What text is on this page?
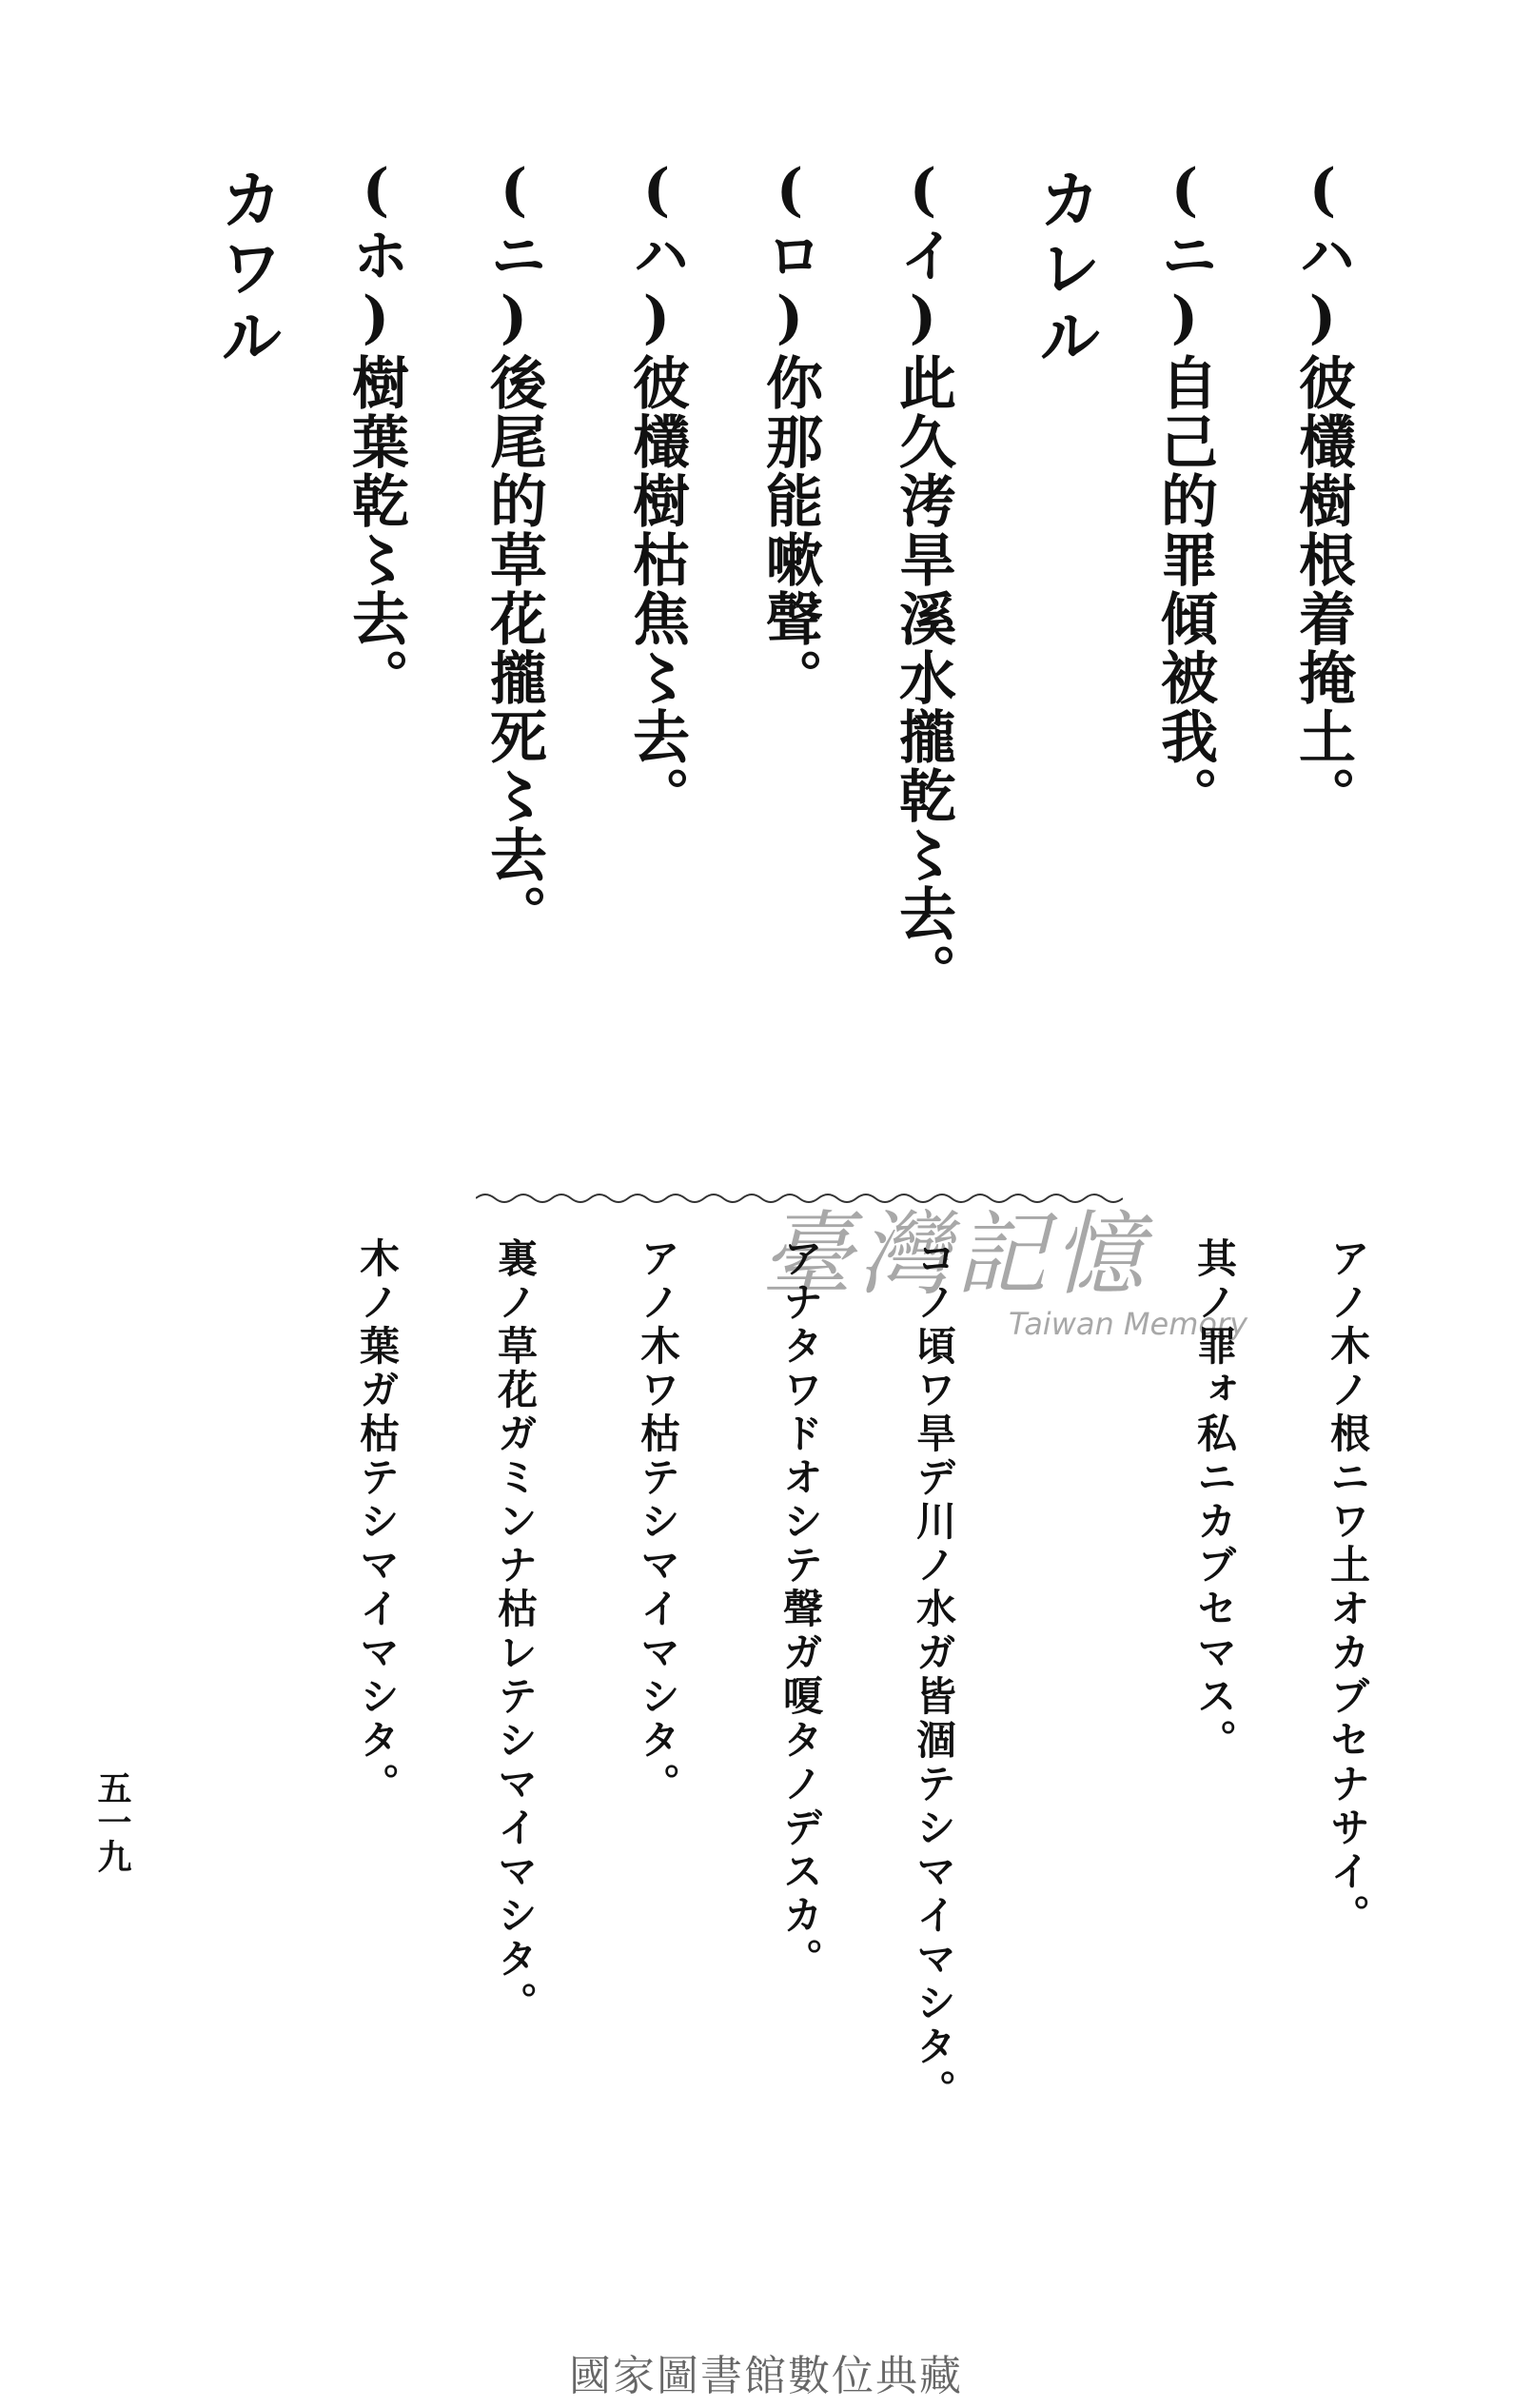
(ハ)彼欉樹根着掩土。
(ニ)自己的罪傾被我。
カレル
(イ)此久洘旱溪水攏乾〻去。
(ロ)你那能嗽聲。
(ハ)彼欉樹枯焦〻去。
(ニ)後尾的草花攏死〻去。
(ホ)樹葉乾〻去。
カワル
臺灣記憶
Taiwan Memory	アノ木ノ根ニワ土オカブセナサイ。
其ノ罪ォ私ニカブセマス。
コノ頃ワ旱デ川ノ水ガ皆涸テシマイマシタ。
アナタワドオシテ聲ガ嗄タノデスカ。
アノ木ワ枯テシマイマシタ。
裏ノ草花ガミンナ枯レテシマイマシタ。
木ノ葉ガ枯テシマイマシタ。
五一九
國家圖書館數位典藏
